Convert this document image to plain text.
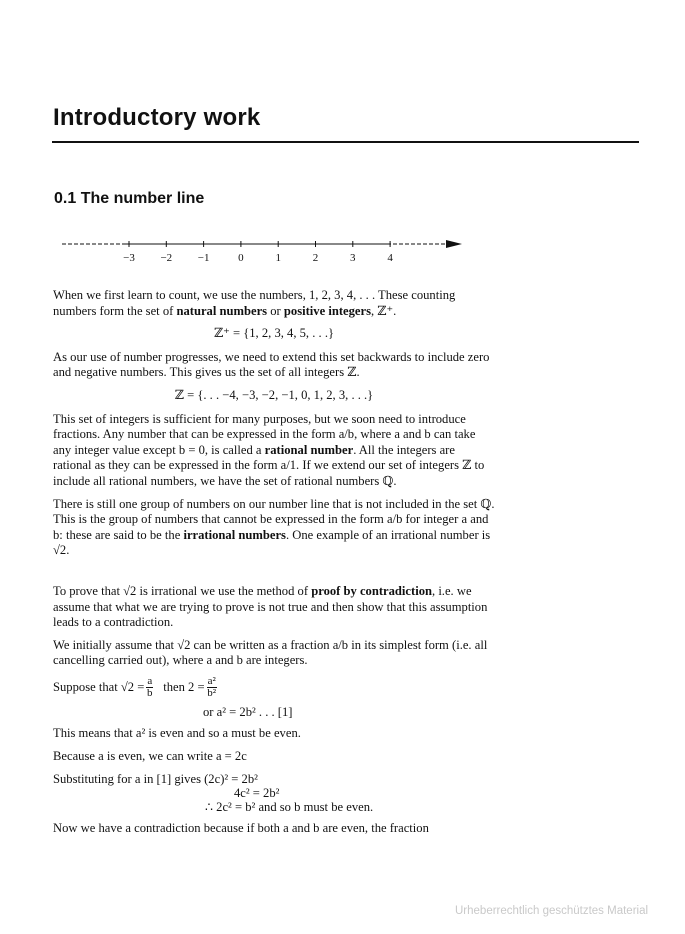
Introductory work
0.1 The number line
−3 −2 −1	0	1	2	3	4

When we first learn to count, we use the numbers, 1, 2, 3, 4, . . . These counting numbers form the set of natural numbers or positive integers, ℤ⁺.

ℤ⁺ = {1, 2, 3, 4, 5, . . .}

As our use of number progresses, we need to extend this set backwards to include zero and negative numbers. This gives us the set of all integers ℤ.

ℤ = {. . . −4, −3, −2, −1, 0, 1, 2, 3, . . .}

This set of integers is sufficient for many purposes, but we soon need to introduce fractions. Any number that can be expressed in the form a/b, where a and b can take any integer value except b = 0, is called a rational number. All the integers are rational as they can be expressed in the form a/1. If we extend our set of integers ℤ to include all rational numbers, we have the set of rational numbers ℚ.

There is still one group of numbers on our number line that is not included in the set ℚ. This is the group of numbers that cannot be expressed in the form a/b for integer a and b: these are said to be the irrational numbers. One example of an irrational number is √2.

To prove that √2 is irrational we use the method of proof by contradiction, i.e. we assume that what we are trying to prove is not true and then show that this assumption leads to a contradiction.

We initially assume that √2 can be written as a fraction a/b in its simplest form (i.e. all cancelling carried out), where a and b are integers.

Suppose that $√2 = \frac{a}{b}$ then $2 = \frac{\text{a²}}{\text{b²}}$
or a² = 2b² . . . [1]

This means that a² is even and so a must be even.

Because a is even, we can write a = 2c

Substituting for a in [1] gives (2c)² = 2b²
4c² = 2b²
∴ 2c² = b² and so b must be even.

Now we have a contradiction because if both a and b are even, the fraction

Urheberrechtlich geschütztes Material
